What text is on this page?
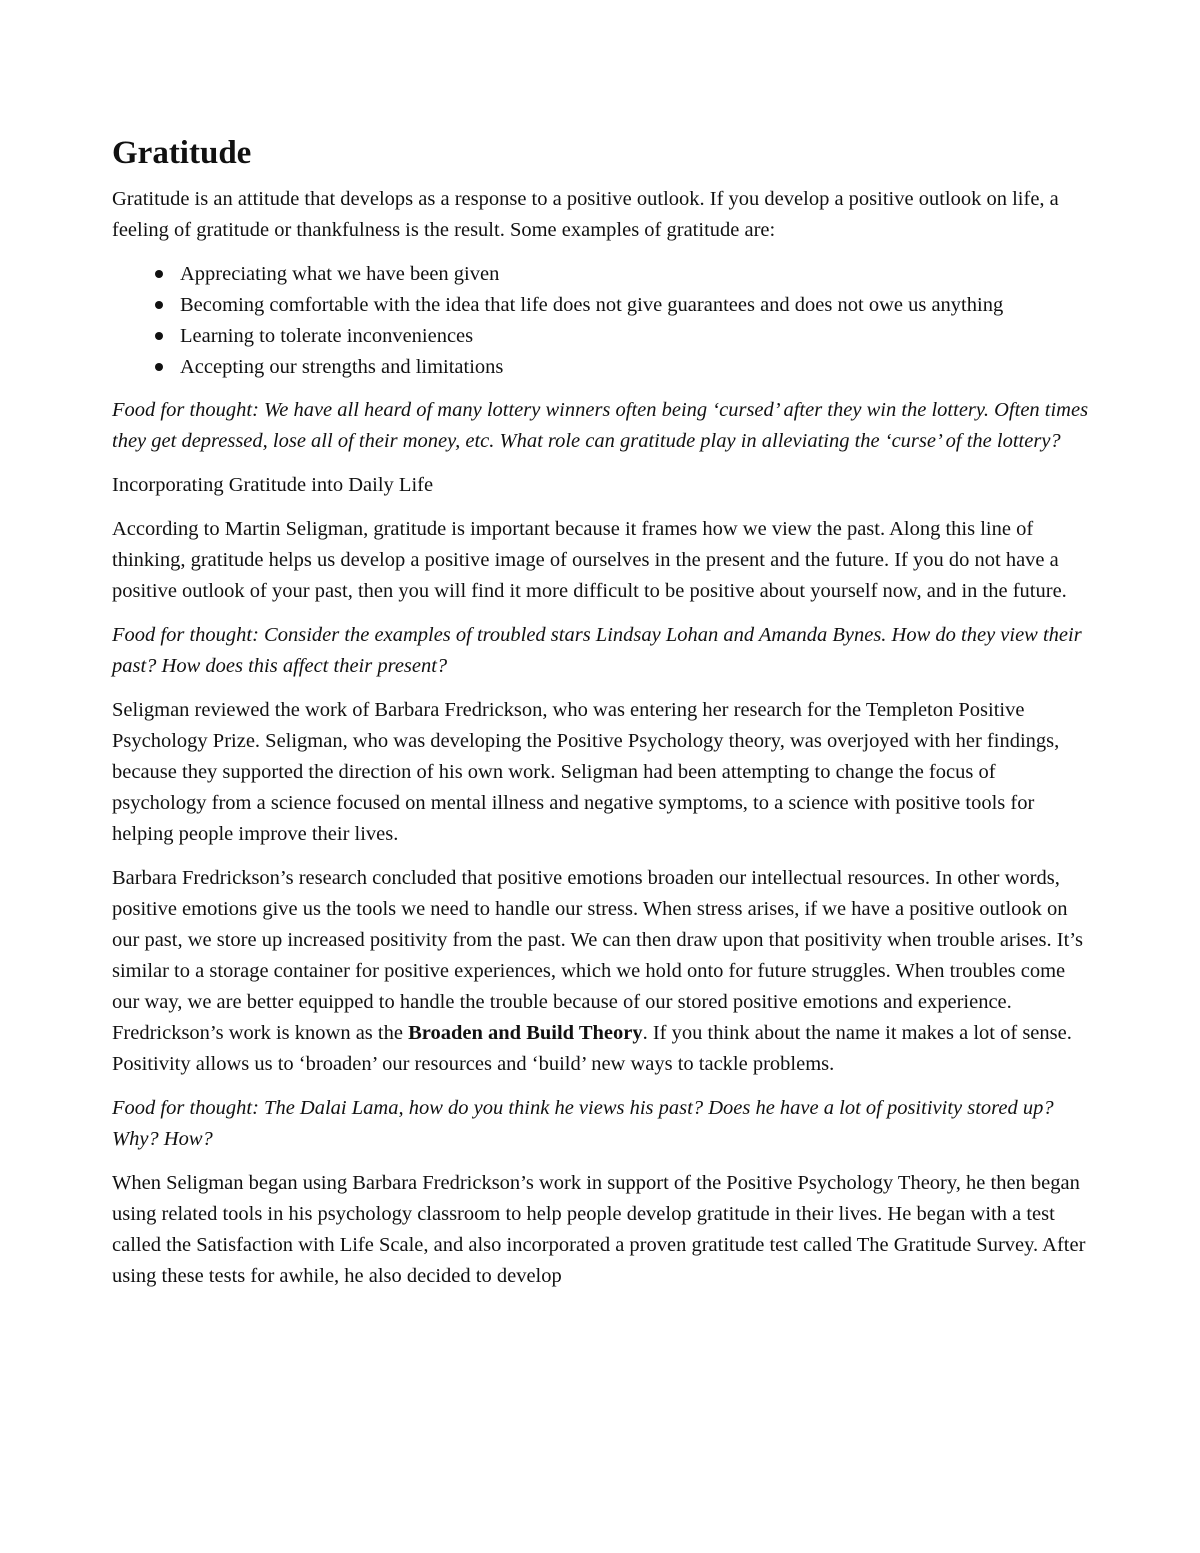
Gratitude

Gratitude is an attitude that develops as a response to a positive outlook. If you develop a positive outlook on life, a feeling of gratitude or thankfulness is the result. Some examples of gratitude are:

Appreciating what we have been given
Becoming comfortable with the idea that life does not give guarantees and does not owe us anything
Learning to tolerate inconveniences
Accepting our strengths and limitations

Food for thought: We have all heard of many lottery winners often being ‘cursed’ after they win the lottery. Often times they get depressed, lose all of their money, etc. What role can gratitude play in alleviating the ‘curse’ of the lottery?

Incorporating Gratitude into Daily Life

According to Martin Seligman, gratitude is important because it frames how we view the past. Along this line of thinking, gratitude helps us develop a positive image of ourselves in the present and the future. If you do not have a positive outlook of your past, then you will find it more difficult to be positive about yourself now, and in the future.

Food for thought: Consider the examples of troubled stars Lindsay Lohan and Amanda Bynes. How do they view their past? How does this affect their present?

Seligman reviewed the work of Barbara Fredrickson, who was entering her research for the Templeton Positive Psychology Prize. Seligman, who was developing the Positive Psychology theory, was overjoyed with her findings, because they supported the direction of his own work. Seligman had been attempting to change the focus of psychology from a science focused on mental illness and negative symptoms, to a science with positive tools for helping people improve their lives.

Barbara Fredrickson’s research concluded that positive emotions broaden our intellectual resources. In other words, positive emotions give us the tools we need to handle our stress. When stress arises, if we have a positive outlook on our past, we store up increased positivity from the past. We can then draw upon that positivity when trouble arises. It’s similar to a storage container for positive experiences, which we hold onto for future struggles. When troubles come our way, we are better equipped to handle the trouble because of our stored positive emotions and experience. Fredrickson’s work is known as the Broaden and Build Theory. If you think about the name it makes a lot of sense. Positivity allows us to ‘broaden’ our resources and ‘build’ new ways to tackle problems.

Food for thought: The Dalai Lama, how do you think he views his past? Does he have a lot of positivity stored up? Why? How?

When Seligman began using Barbara Fredrickson’s work in support of the Positive Psychology Theory, he then began using related tools in his psychology classroom to help people develop gratitude in their lives. He began with a test called the Satisfaction with Life Scale, and also incorporated a proven gratitude test called The Gratitude Survey. After using these tests for awhile, he also decided to develop
